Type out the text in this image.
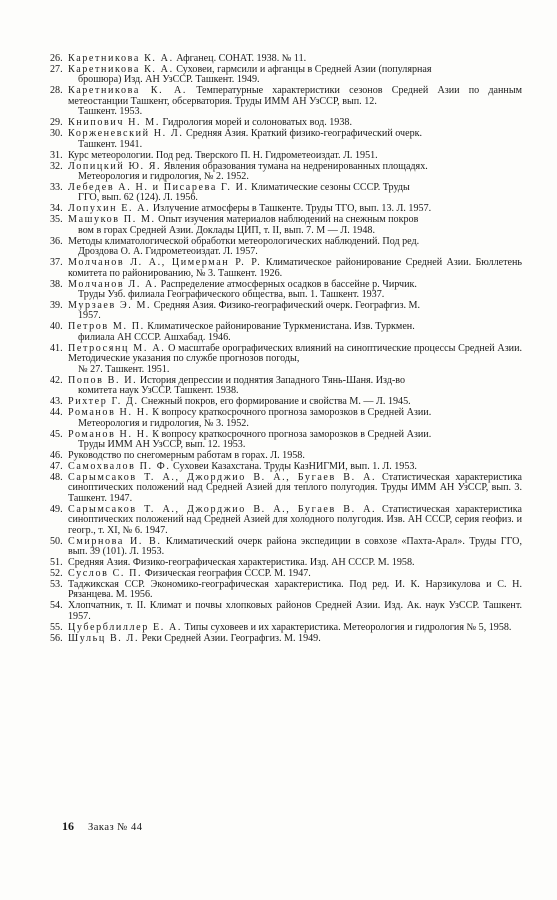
26. Каретникова К. А. Афганец. СОНАТ. 1938. № 11.
27. Каретникова К. А. Суховеи, гармсили и афганцы в Средней Азии (популярная
брошюра) Изд. АН УзССР. Ташкент. 1949.
28. Каретникова К. А. Температурные характеристики сезонов Средней Азии по данным метеостанции Ташкент, обсерватория. Труды ИММ АН УзССР, вып. 12.
Ташкент. 1953.
29. Книпович Н. М. Гидрология морей и солоноватых вод. 1938.
30. Корженевский Н. Л. Средняя Азия. Краткий физико-географический очерк.
Ташкент. 1941.
31. Курс метеорологии. Под ред. Тверского П. Н. Гидрометеоиздат. Л. 1951.
32. Лопицкий Ю. Я. Явления образования тумана на недренированных площадях.
Метеорология и гидрология, № 2. 1952.
33. Лебедев А. Н. и Писарева Г. И. Климатические сезоны СССР. Труды
ГГО, вып. 62 (124). Л. 1956.
34. Лопухин Е. А. Излучение атмосферы в Ташкенте. Труды ТГО, вып. 13. Л. 1957.
35. Машуков П. М. Опыт изучения материалов наблюдений на снежным покров
вом в горах Средней Азии. Доклады ЦИП, т. II, вып. 7. М — Л. 1948.
36. Методы климатологической обработки метеорологических наблюдений. Под ред.
Дроздова О. А. Гидрометеоиздат. Л. 1957.
37. Молчанов Л. А., Цимерман Р. Р. Климатическое районирование Средней Азии. Бюллетень комитета по районированию, № 3. Ташкент. 1926.
38. Молчанов Л. А. Распределение атмосферных осадков в бассейне р. Чирчик.
Труды Узб. филиала Географического общества, вып. 1. Ташкент. 1937.
39. Мурзаев Э. М. Средняя Азия. Физико-географический очерк. Географгиз. М.
1957.
40. Петров М. П. Климатическое районирование Туркменистана. Изв. Туркмен.
филиала АН СССР. Ашхабад. 1946.
41. Петросянц М. А. О масштабе орографических влияний на синоптические процессы Средней Азии. Методические указания по службе прогнозов погоды,
№ 27. Ташкент. 1951.
42. Попов В. И. История депрессии и поднятия Западного Тянь-Шаня. Изд-во
комитета наук УзССР. Ташкент. 1938.
43. Рихтер Г. Д. Снежный покров, его формирование и свойства М. — Л. 1945.
44. Романов Н. Н. К вопросу краткосрочного прогноза заморозков в Средней Азии.
Метеорология и гидрология, № 3. 1952.
45. Романов Н. Н. К вопросу краткосрочного прогноза заморозков в Средней Азии.
Труды ИММ АН УзССР, вып. 12. 1953.
46. Руководство по снегомерным работам в горах. Л. 1958.
47. Самохвалов П. Ф. Суховеи Казахстана. Труды КазНИГМИ, вып. 1. Л. 1953.
48. Сарымсаков Т. А., Джорджио В. А., Бугаев В. А. Статистическая характеристика синоптических положений над Средней Азией для теплого полугодия. Труды ИММ АН УзССР, вып. 3. Ташкент. 1947.
49. Сарымсаков Т. А., Джорджио В. А., Бугаев В. А. Статистическая характеристика синоптических положений над Средней Азией для холодного полугодия. Изв. АН СССР, серия геофиз. и геогр., т. XI, № 6. 1947.
50. Смирнова И. В. Климатический очерк района экспедиции в совхозе «Пахта-Арал». Труды ГГО, вып. 39 (101). Л. 1953.
51. Средняя Азия. Физико-географическая характеристика. Изд. АН СССР. М. 1958.
52. Суслов С. П. Физическая география СССР. М. 1947.
53. Таджикская ССР. Экономико-географическая характеристика. Под ред. И. К. Нарзикулова и С. Н. Рязанцева. М. 1956.
54. Хлопчатник, т. II. Климат и почвы хлопковых районов Средней Азии. Изд. Ак. наук УзССР. Ташкент. 1957.
55. Цуберблиллер Е. А. Типы суховеев и их характеристика. Метеорология и гидрология № 5, 1958.
56. Шульц В. Л. Реки Средней Азии. Географгиз. М. 1949.
16 Заказ № 44
